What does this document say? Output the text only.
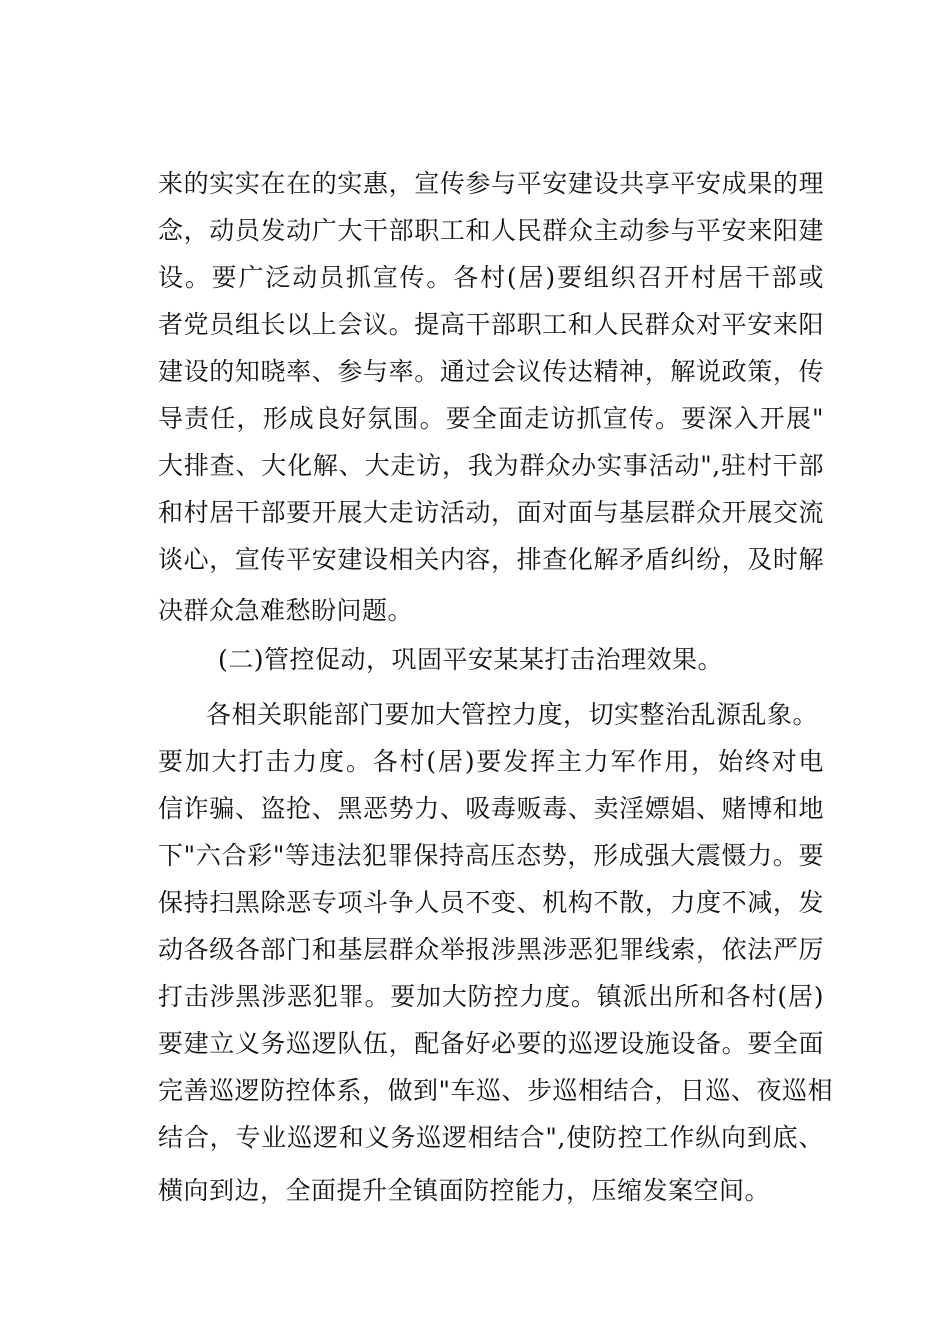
来的实实在在的实惠，宣传参与平安建设共享平安成果的理
念，动员发动广大干部职工和人民群众主动参与平安来阳建
设。要广泛动员抓宣传。各村(居)要组织召开村居干部或
者党员组长以上会议。提高干部职工和人民群众对平安来阳
建设的知晓率、参与率。通过会议传达精神，解说政策，传
导责任，形成良好氛围。要全面走访抓宣传。要深入开展"
大排查、大化解、大走访，我为群众办实事活动",驻村干部
和村居干部要开展大走访活动，面对面与基层群众开展交流
谈心，宣传平安建设相关内容，排查化解矛盾纠纷，及时解
决群众急难愁盼问题。
(二)管控促动，巩固平安某某打击治理效果。
各相关职能部门要加大管控力度，切实整治乱源乱象。
要加大打击力度。各村(居)要发挥主力军作用，始终对电
信诈骗、盗抢、黑恶势力、吸毒贩毒、卖淫嫖娼、赌博和地
下"六合彩"等违法犯罪保持高压态势，形成强大震慑力。要
保持扫黑除恶专项斗争人员不变、机构不散，力度不减，发
动各级各部门和基层群众举报涉黑涉恶犯罪线索，依法严厉
打击涉黑涉恶犯罪。要加大防控力度。镇派出所和各村(居)
要建立义务巡逻队伍，配备好必要的巡逻设施设备。要全面
完善巡逻防控体系，做到"车巡、步巡相结合，日巡、夜巡相
结合，专业巡逻和义务巡逻相结合",使防控工作纵向到底、
横向到边，全面提升全镇面防控能力，压缩发案空间。
